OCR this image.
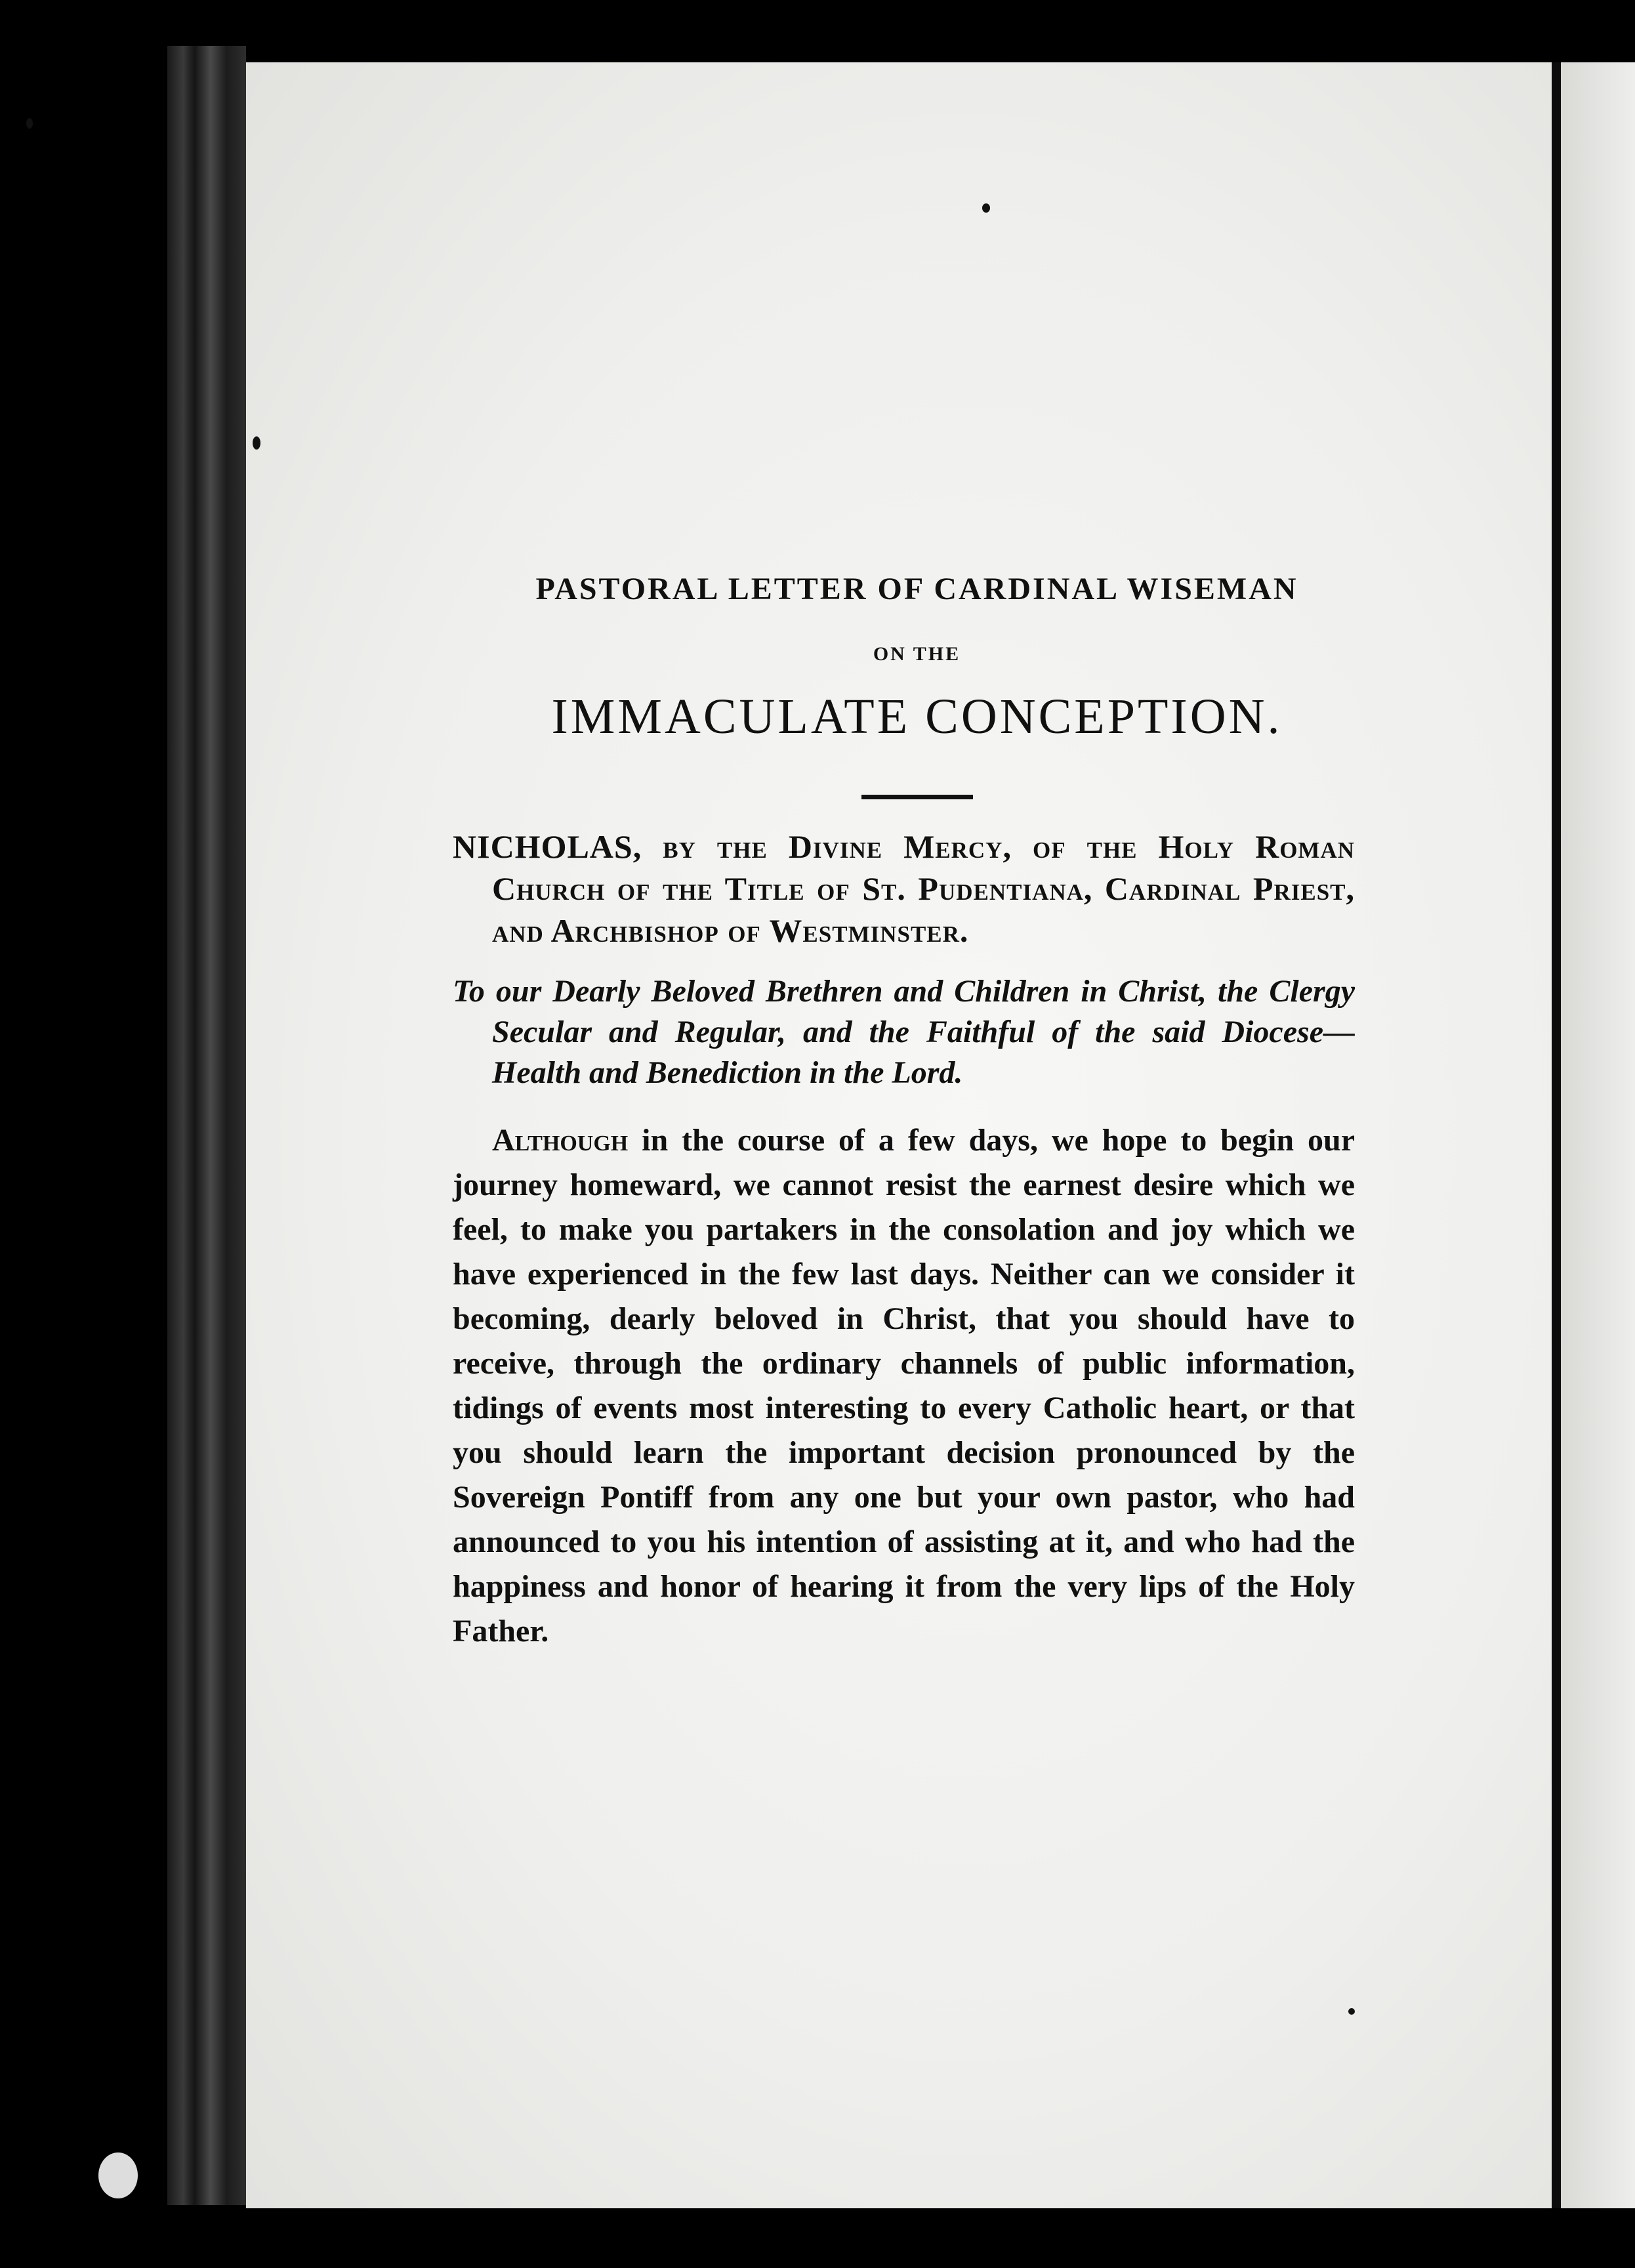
PASTORAL LETTER OF CARDINAL WISEMAN

ON THE

IMMACULATE CONCEPTION.

NICHOLAS, by the Divine Mercy, of the Holy Roman Church of the Title of St. Pudentiana, Cardinal Priest, and Archbishop of Westminster.

To our Dearly Beloved Brethren and Children in Christ, the Clergy Secular and Regular, and the Faithful of the said Diocese—Health and Benediction in the Lord.

Although in the course of a few days, we hope to begin our journey homeward, we cannot resist the earnest desire which we feel, to make you partakers in the consolation and joy which we have experienced in the few last days. Neither can we consider it becoming, dearly beloved in Christ, that you should have to receive, through the ordinary channels of public information, tidings of events most interesting to every Catholic heart, or that you should learn the important decision pronounced by the Sovereign Pontiff from any one but your own pastor, who had announced to you his intention of assisting at it, and who had the happiness and honor of hearing it from the very lips of the Holy Father.
